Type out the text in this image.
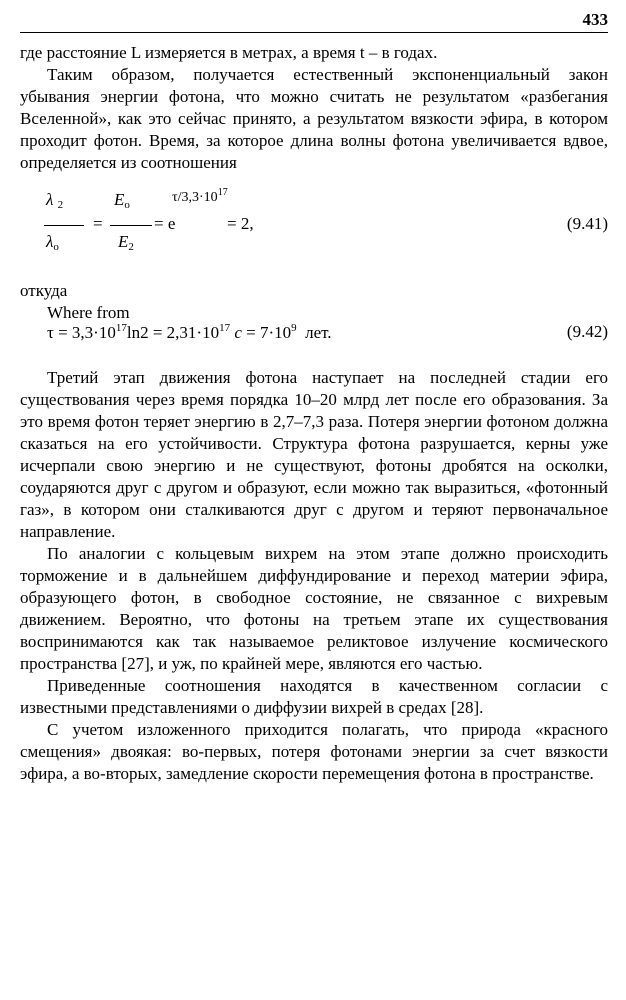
433

где расстояние L измеряется в метрах, а время t – в годах.

Таким образом, получается естественный экспоненциальный закон убывания энергии фотона, что можно считать не результатом «разбегания Вселенной», как это сейчас принято, а результатом вязкости эфира, в котором проходит фотон. Время, за которое длина волны фотона увеличивается вдвое, определяется из соотношения

λ $_2$
$\lambda_o$
=
$E_o$
$E_2$
= e
$\tau/3,3\cdot 10^{17}$
= 2,	(9.41)

откуда

Where from

$\tau = 3,3\cdot 10^{17}\ln 2 = 2,31\cdot 10^{17}$ $c = 7\cdot 10^9$  лет.	(9.42)

Третий этап движения фотона наступает на последней стадии его существования через время порядка 10–20 млрд лет после его образования. За это время фотон теряет энергию в 2,7–7,3 раза. Потеря энергии фотоном должна сказаться на его устойчивости. Структура фотона разрушается, керны уже исчерпали свою энергию и не существуют, фотоны дробятся на осколки, соударяются друг с другом и образуют, если можно так выразиться, «фотонный газ», в котором они сталкиваются друг с другом и теряют первоначальное направление.

По аналогии с кольцевым вихрем на этом этапе должно происходить торможение и в дальнейшем диффундирование и переход материи эфира, образующего фотон, в свободное состояние, не связанное с вихревым движением. Вероятно, что фотоны на третьем этапе их существования воспринимаются как так называемое реликтовое излучение космического пространства [27], и уж, по крайней мере, являются его частью.

Приведенные соотношения находятся в качественном согласии с известными представлениями о диффузии вихрей в средах [28].

С учетом изложенного приходится полагать, что природа «красного смещения» двоякая: во-первых, потеря фотонами энергии за счет вязкости эфира, а во-вторых, замедление скорости перемещения фотона в пространстве.
